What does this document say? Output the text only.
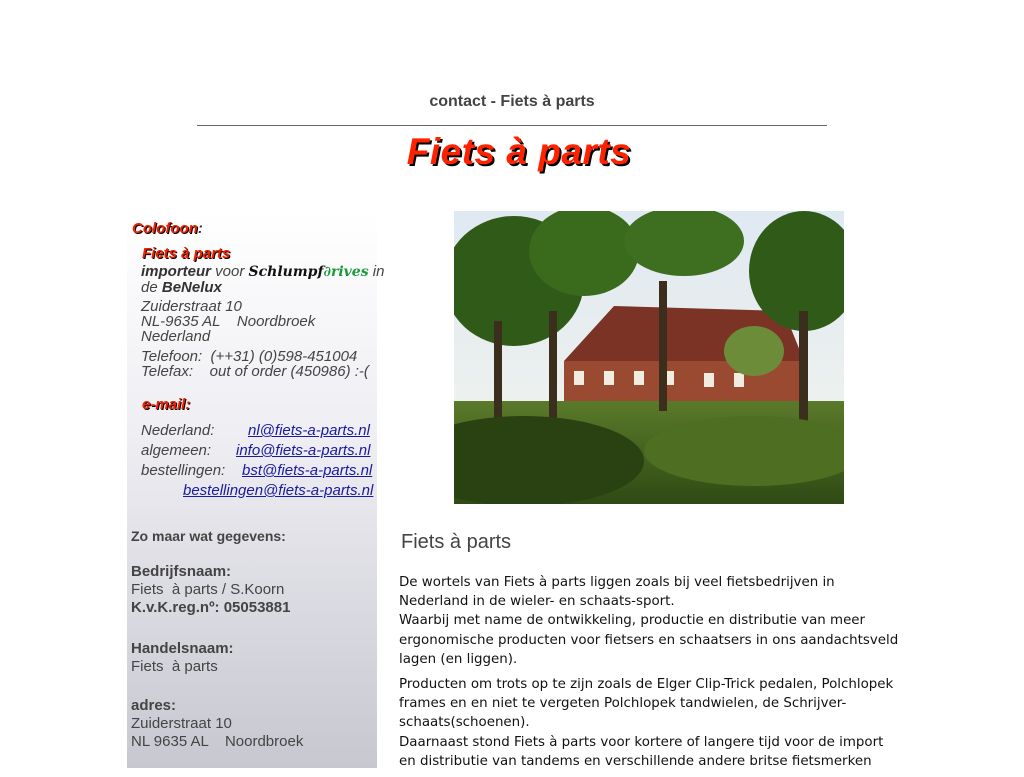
contact - Fiets à parts
Fiets à parts
Colofoon:
Fiets à parts
importeur voor Schlumpf∂rives in
de BeNelux
Zuiderstraat 10
NL-9635 AL    Noordbroek
Nederland
Telefoon:  (++31) (0)598-451004
Telefax:    out of order (450986) :-(
e-mail:
Nederland: nl@fiets-a-parts.nl
algemeen: info@fiets-a-parts.nl
bestellingen: bst@fiets-a-parts.nl
bestellingen@fiets-a-parts.nl
Zo maar wat gegevens:
Bedrijfsnaam:
Fiets  à parts / S.Koorn
K.v.K.reg.nº: 05053881
Handelsnaam:
Fiets  à parts
adres:
Zuiderstraat 10
NL 9635 AL    Noordbroek
Fiets à parts

De wortels van Fiets à parts liggen zoals bij veel fietsbedrijven in Nederland in de wieler- en schaats-sport.
Waarbij met name de ontwikkeling, productie en distributie van meer ergonomische producten voor fietsers en schaatsers in ons aandachtsveld lagen (en liggen).

Producten om trots op te zijn zoals de Elger Clip-Trick pedalen, Polchlopek frames en en niet te vergeten Polchlopek tandwielen, de Schrijver-schaats(schoenen).
Daarnaast stond Fiets à parts voor kortere of langere tijd voor de import en distributie van tandems en verschillende andere britse fietsmerken
